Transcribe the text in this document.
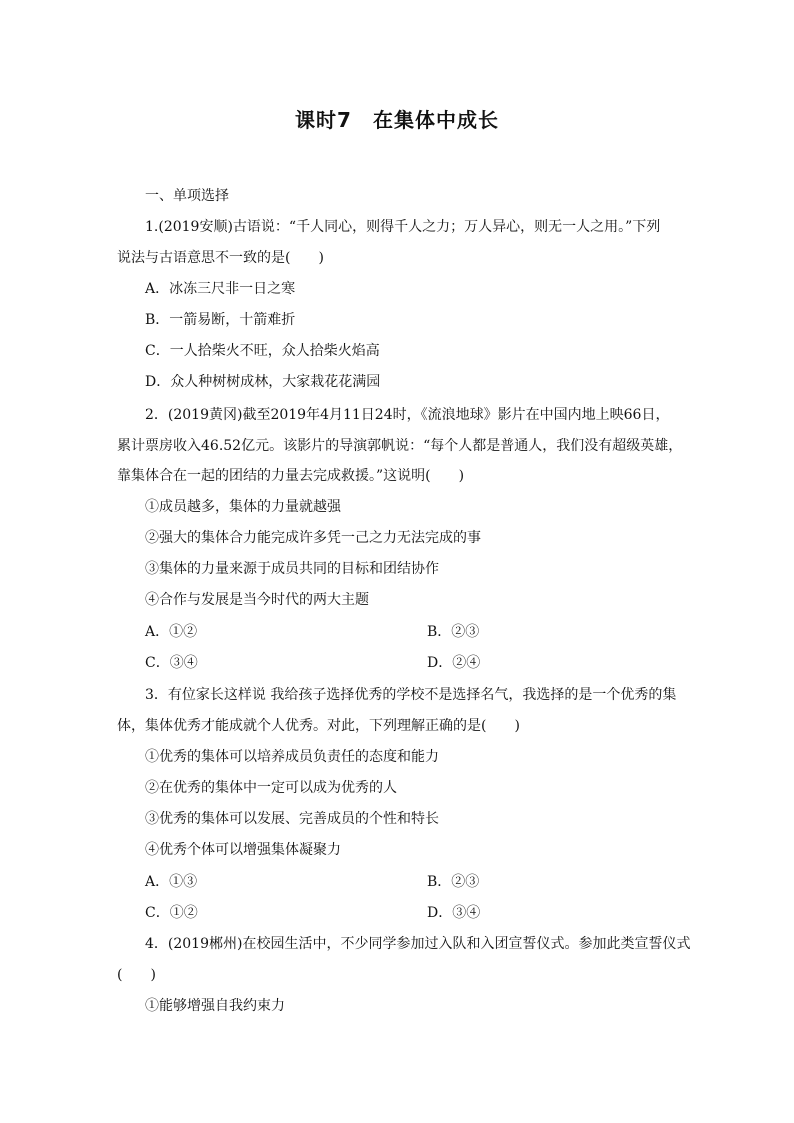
课时7　在集体中成长
一、单项选择
1.(2019安顺)古语说：“千人同心，则得千人之力；万人异心，则无一人之用。”下列
说法与古语意思不一致的是(　　)
A．冰冻三尺非一日之寒
B．一箭易断，十箭难折
C．一人拾柴火不旺，众人拾柴火焰高
D．众人种树树成林，大家栽花花满园
2．(2019黄冈)截至2019年4月11日24时，《流浪地球》影片在中国内地上映66日，
累计票房收入46.52亿元。该影片的导演郭帆说：“每个人都是普通人，我们没有超级英雄，
靠集体合在一起的团结的力量去完成救援。”这说明(　　)
①成员越多，集体的力量就越强
②强大的集体合力能完成许多凭一己之力无法完成的事
③集体的力量来源于成员共同的目标和团结协作
④合作与发展是当今时代的两大主题
A．①②	B．②③
C．③④	D．②④
3．有位家长这样说 我给孩子选择优秀的学校不是选择名气，我选择的是一个优秀的集
体，集体优秀才能成就个人优秀。对此，下列理解正确的是(　　)
①优秀的集体可以培养成员负责任的态度和能力
②在优秀的集体中一定可以成为优秀的人
③优秀的集体可以发展、完善成员的个性和特长
④优秀个体可以增强集体凝聚力
A．①③	B．②③
C．①②	D．③④
4．(2019郴州)在校园生活中，不少同学参加过入队和入团宣誓仪式。参加此类宣誓仪式
(　　)
①能够增强自我约束力
